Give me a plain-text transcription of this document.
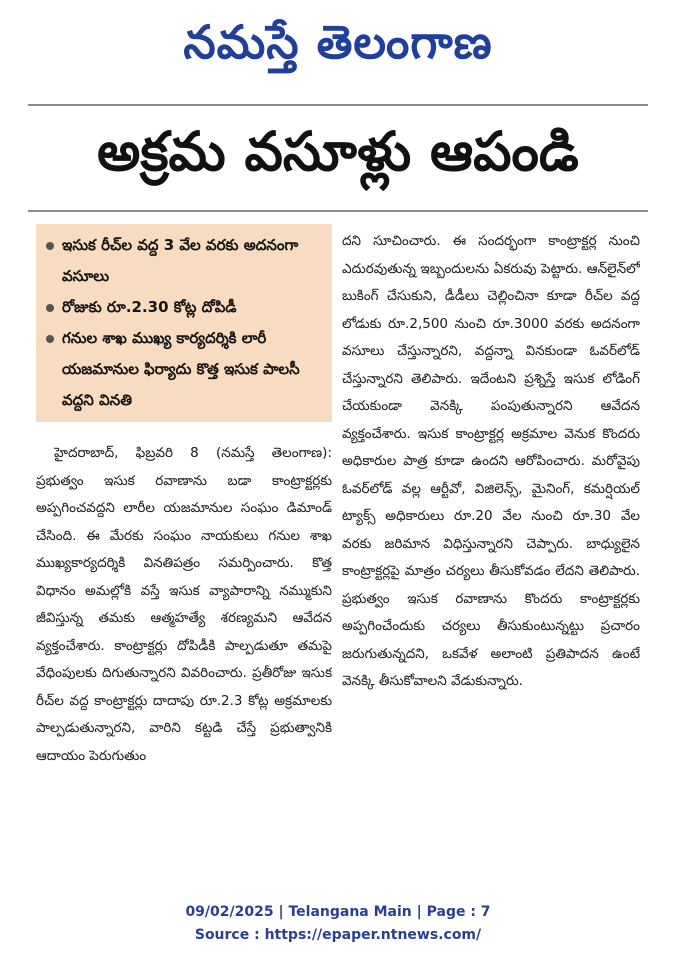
నమస్తే తెలంగాణ
అక్రమ వసూళ్లు ఆపండి
ఇసుక రీచ్‌ల వద్ద 3 వేల వరకు అదనంగా వసూలు
రోజుకు రూ.2.30 కోట్ల దోపిడీ
గనుల శాఖ ముఖ్య కార్యదర్శికి లారీ యజమానుల ఫిర్యాదు కొత్త ఇసుక పాలసీ వద్దని వినతి
హైదరాబాద్, ఫిబ్రవరి 8 (నమస్తే తెలంగాణ): ప్రభుత్వం ఇసుక రవాణాను బడా కాంట్రాక్టర్లకు అప్పగించవద్దని లారీల యజమానుల సంఘం డిమాండ్ చేసింది. ఈ మేరకు సంఘం నాయకులు గనుల శాఖ ముఖ్యకార్యదర్శికి వినతిపత్రం సమర్పించారు. కొత్త విధానం అమల్లోకి వస్తే ఇసుక వ్యాపారాన్ని నమ్ముకుని జీవిస్తున్న తమకు ఆత్మహత్యే శరణ్యమని ఆవేదన వ్యక్తంచేశారు. కాంట్రాక్టర్లు దోపిడీకి పాల్పడుతూ తమపై వేధింపులకు దిగుతున్నారని వివరించారు. ప్రతీరోజు ఇసుక రీచ్‌ల వద్ద కాంట్రాక్టర్లు దాదాపు రూ.2.3 కోట్ల అక్రమాలకు పాల్పడుతున్నారని, వారిని కట్టడి చేస్తే ప్రభుత్వానికి ఆదాయం పెరుగుతుం
దని సూచించారు. ఈ సందర్భంగా కాంట్రాక్టర్ల నుంచి ఎదురవుతున్న ఇబ్బందులను ఏకరువు పెట్టారు. ఆన్‌లైన్‌లో బుకింగ్ చేసుకుని, డీడీలు చెల్లించినా కూడా రీచ్‌ల వద్ద లోడుకు రూ.2,500 నుంచి రూ.3000 వరకు అదనంగా వసూలు చేస్తున్నారని, వద్దన్నా వినకుండా ఓవర్‌లోడ్ చేస్తున్నారని తెలిపారు. ఇదేంటని ప్రశ్నిస్తే ఇసుక లోడింగ్ చేయకుండా వెనక్కి పంపుతున్నారని ఆవేదన వ్యక్తంచేశారు. ఇసుక కాంట్రాక్టర్ల అక్రమాల వెనుక కొందరు అధికారుల పాత్ర కూడా ఉందని ఆరోపించారు. మరోవైపు ఓవర్‌లోడ్ వల్ల ఆర్టీవో, విజిలెన్స్, మైనింగ్, కమర్షియల్ ట్యాక్స్ అధికారులు రూ.20 వేల నుంచి రూ.30 వేల వరకు జరిమాన విధిస్తున్నారని చెప్పారు. బాధ్యులైన కాంట్రాక్టర్లపై మాత్రం చర్యలు తీసుకోవడం లేదని తెలిపారు. ప్రభుత్వం ఇసుక రవాణాను కొందరు కాంట్రాక్టర్లకు అప్పగించేందుకు చర్యలు తీసుకుంటున్నట్టు ప్రచారం జరుగుతున్నదని, ఒకవేళ అలాంటి ప్రతిపాదన ఉంటే వెనక్కి తీసుకోవాలని వేడుకున్నారు.
09/02/2025 | Telangana Main | Page : 7
Source : https://epaper.ntnews.com/
